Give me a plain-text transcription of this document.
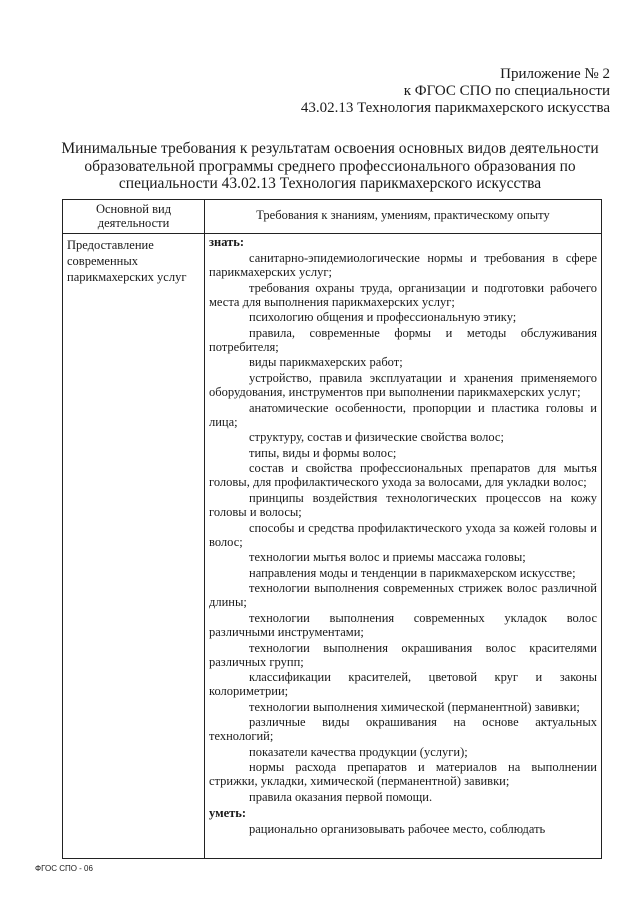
Приложение № 2
к ФГОС СПО по специальности
43.02.13 Технология парикмахерского искусства
Минимальные требования к результатам освоения основных видов деятельности
образовательной программы среднего профессионального образования по
специальности 43.02.13 Технология парикмахерского искусства
Основной вид деятельности
Требования к знаниям, умениям, практическому опыту
Предоставление современных парикмахерских услуг
знать:
санитарно-эпидемиологические нормы и требования в сфере парикмахерских услуг;
требования охраны труда, организации и подготовки рабочего места для выполнения парикмахерских услуг;
психологию общения и профессиональную этику;
правила, современные формы и методы обслуживания потребителя;
виды парикмахерских работ;
устройство, правила эксплуатации и хранения применяемого оборудования, инструментов при выполнении парикмахерских услуг;
анатомические особенности, пропорции и пластика головы и лица;
структуру, состав и физические свойства волос;
типы, виды и формы волос;
состав и свойства профессиональных препаратов для мытья головы, для профилактического ухода за волосами, для укладки волос;
принципы воздействия технологических процессов на кожу головы и волосы;
способы и средства профилактического ухода за кожей головы и волос;
технологии мытья волос и приемы массажа головы;
направления моды и тенденции в парикмахерском искусстве;
технологии выполнения современных стрижек волос различной длины;
технологии выполнения современных укладок волос различными инструментами;
технологии выполнения окрашивания волос красителями различных групп;
классификации красителей, цветовой круг и законы колориметрии;
технологии выполнения химической (перманентной) завивки;
различные виды окрашивания на основе актуальных технологий;
показатели качества продукции (услуги);
нормы расхода препаратов и материалов на выполнении стрижки, укладки, химической (перманентной) завивки;
правила оказания первой помощи.
уметь:
рационально организовывать рабочее место, соблюдать
ФГОС СПО - 06
